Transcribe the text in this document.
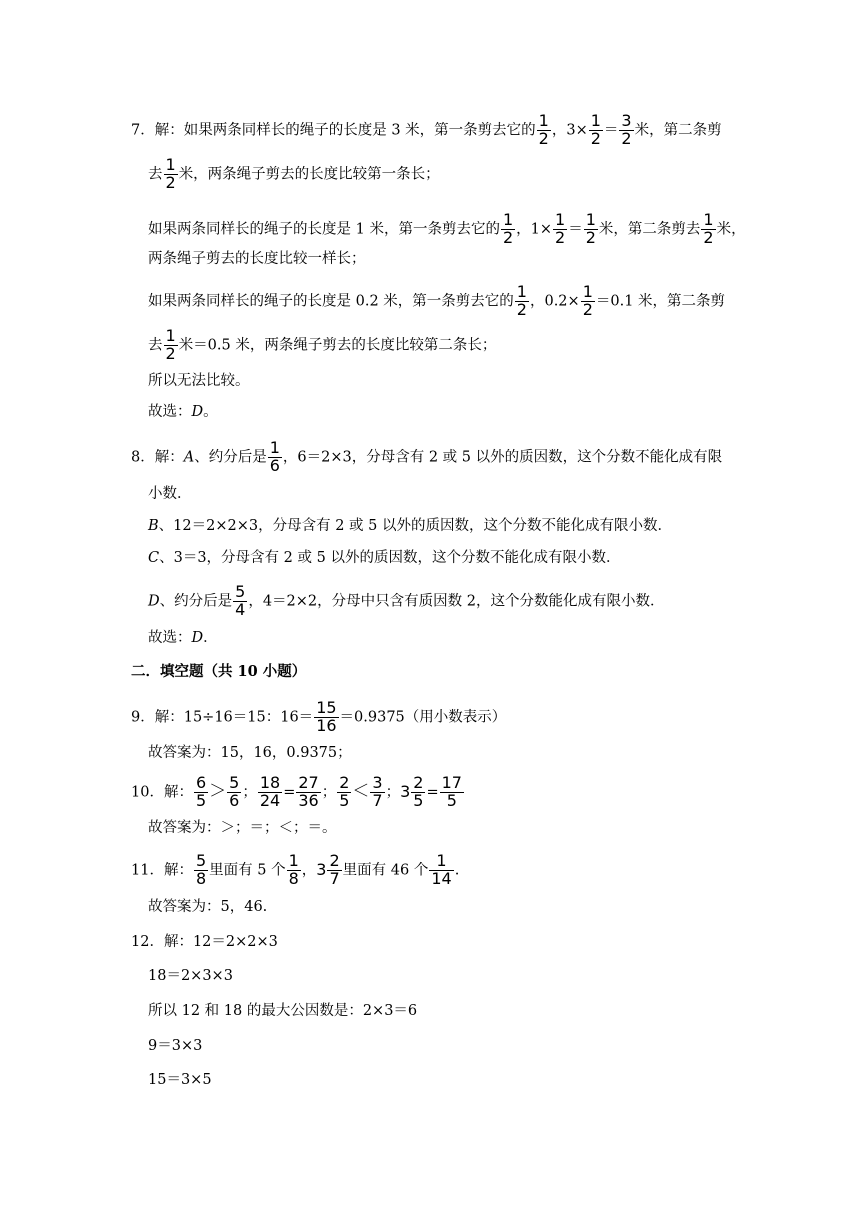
7．解：如果两条同样长的绳子的长度是 3 米，第一条剪去它的 $\frac{1}{2}$ ，$3\times \frac{1}{2} = \frac{3}{2}$ 米，第二条剪
去 $\frac{1}{2}$ 米，两条绳子剪去的长度比较第一条长；
如果两条同样长的绳子的长度是 1 米，第一条剪去它的 $\frac{1}{2}$ ，$1\times \frac{1}{2} = \frac{1}{2}$ 米，第二条剪去 $\frac{1}{2}$ 米，
两条绳子剪去的长度比较一样长；
如果两条同样长的绳子的长度是 0.2 米，第一条剪去它的 $\frac{1}{2}$ ，$0.2\times \frac{1}{2} =0.1$ 米，第二条剪
去 $\frac{1}{2}$ 米＝0.5 米，两条绳子剪去的长度比较第二条长；
所以无法比较。
故选：D。
8．解：A、约分后是 $\frac{1}{6}$ ，6＝2×3，分母含有 2 或 5 以外的质因数，这个分数不能化成有限
小数．
B、12＝2×2×3，分母含有 2 或 5 以外的质因数，这个分数不能化成有限小数．
C、3＝3，分母含有 2 或 5 以外的质因数，这个分数不能化成有限小数．
D、约分后是 $\frac{5}{4}$ ，4＝2×2，分母中只含有质因数 2，这个分数能化成有限小数．
故选：D．
二．填空题（共 10 小题）
9．解：15÷16＝15：$16= \frac{15}{16} =0.9375$（用小数表示）
故答案为：15，16，0.9375；
10．解： $\frac{6}{5} > \frac{5}{6}$ ； $\frac{18}{24} = \frac{27}{36}$ ； $\frac{2}{5} < \frac{3}{7}$ ； $3 \frac{2}{5} = \frac{17}{5}$
故答案为：＞；＝；＜；＝。
11．解： $\frac{5}{8}$ 里面有 5 个 $\frac{1}{8}$ ， $3 \frac{2}{7}$ 里面有 46 个 $\frac{1}{14}$ .
故答案为：5，46.
12．解：12＝2×2×3
18＝2×3×3
所以 12 和 18 的最大公因数是：2×3＝6
9＝3×3
15＝3×5
